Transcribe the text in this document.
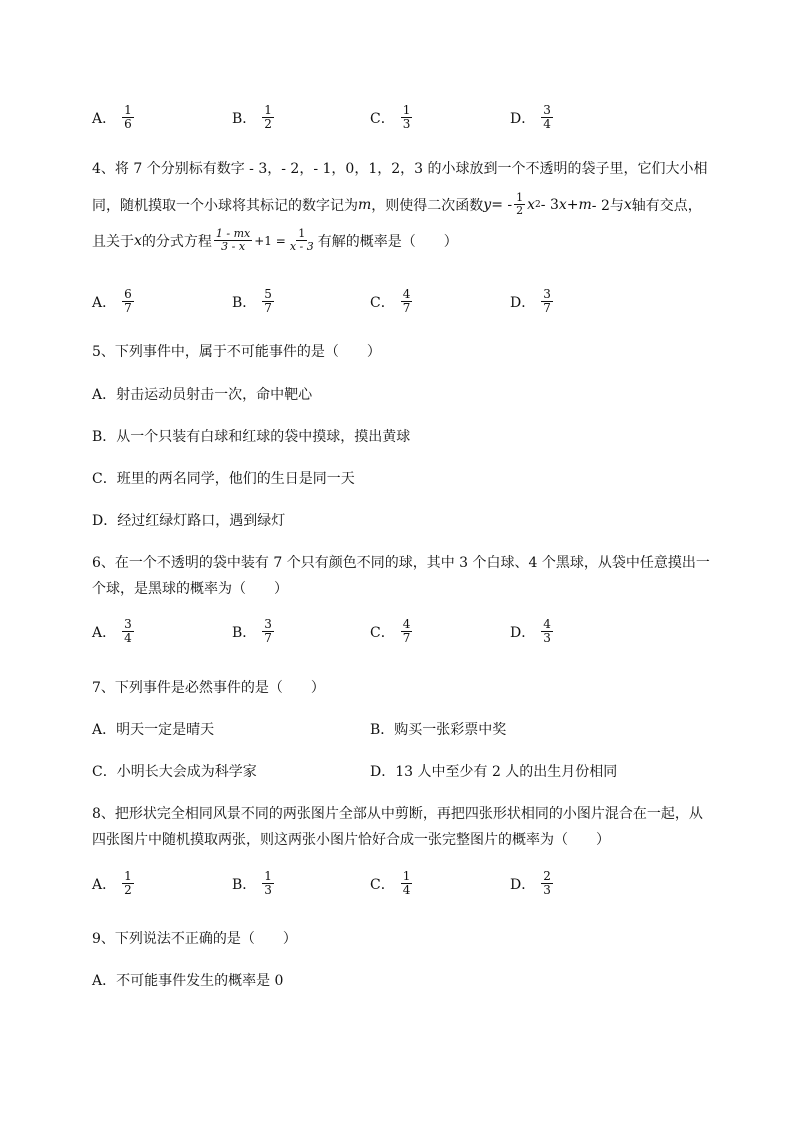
A． $\frac{1}{6}$	B． $\frac{1}{2}$	C． $\frac{1}{3}$	D． $\frac{3}{4}$
4、将 7 个分别标有数字 - 3，- 2，- 1，0，1，2，3 的小球放到一个不透明的袋子里，它们大小相
同，随机摸取一个小球将其标记的数字记为 m ，则使得二次函数 y = - $\frac{1}{2}$ x 2 - 3 x + m - 2与 x 轴有交点，
且关于 x 的分式方程 $\frac{1 - mx}{3 - x} +1 = \frac{1}{x - 3}$ 有解的概率是（　　）
A． $\frac{6}{7}$	B． $\frac{5}{7}$	C． $\frac{4}{7}$	D． $\frac{3}{7}$
5、下列事件中，属于不可能事件的是（　　）
A．射击运动员射击一次，命中靶心
B．从一个只装有白球和红球的袋中摸球，摸出黄球
C．班里的两名同学，他们的生日是同一天
D．经过红绿灯路口，遇到绿灯
6、在一个不透明的袋中装有 7 个只有颜色不同的球，其中 3 个白球、4 个黑球，从袋中任意摸出一
个球，是黑球的概率为（　　）
A． $\frac{3}{4}$	B． $\frac{3}{7}$	C． $\frac{4}{7}$	D． $\frac{4}{3}$
7、下列事件是必然事件的是（　　）
A．明天一定是晴天	B．购买一张彩票中奖
C．小明长大会成为科学家	D．13 人中至少有 2 人的出生月份相同
8、把形状完全相同风景不同的两张图片全部从中剪断，再把四张形状相同的小图片混合在一起，从
四张图片中随机摸取两张，则这两张小图片恰好合成一张完整图片的概率为（　　）
A． $\frac{1}{2}$	B． $\frac{1}{3}$	C． $\frac{1}{4}$	D． $\frac{2}{3}$
9、下列说法不正确的是（　　）
A．不可能事件发生的概率是 0
